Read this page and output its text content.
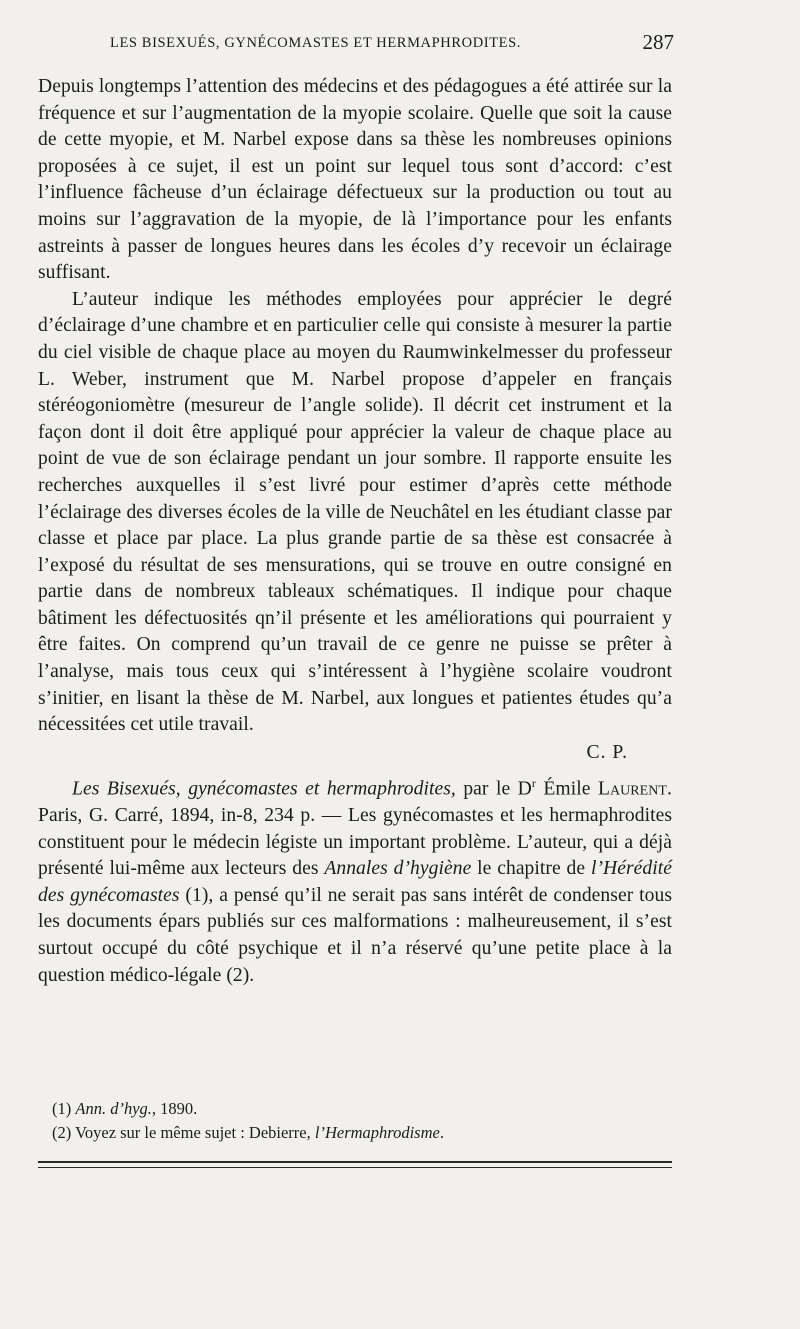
LES BISEXUÉS, GYNÉCOMASTES ET HERMAPHRODITES.	287

Depuis longtemps l’attention des médecins et des pédagogues a été attirée sur la fréquence et sur l’augmentation de la myopie scolaire. Quelle que soit la cause de cette myopie, et M. Narbel expose dans sa thèse les nombreuses opinions proposées à ce sujet, il est un point sur lequel tous sont d’accord: c’est l’influence fâcheuse d’un éclairage défectueux sur la production ou tout au moins sur l’aggravation de la myopie, de là l’importance pour les enfants astreints à passer de longues heures dans les écoles d’y recevoir un éclairage suffisant.

L’auteur indique les méthodes employées pour apprécier le degré d’éclairage d’une chambre et en particulier celle qui consiste à mesurer la partie du ciel visible de chaque place au moyen du Raumwinkelmesser du professeur L. Weber, instrument que M. Narbel propose d’appeler en français stéréogoniomètre (mesureur de l’angle solide). Il décrit cet instrument et la façon dont il doit être appliqué pour apprécier la valeur de chaque place au point de vue de son éclairage pendant un jour sombre. Il rapporte ensuite les recherches auxquelles il s’est livré pour estimer d’après cette méthode l’éclairage des diverses écoles de la ville de Neuchâtel en les étudiant classe par classe et place par place. La plus grande partie de sa thèse est consacrée à l’exposé du résultat de ses mensurations, qui se trouve en outre consigné en partie dans de nombreux tableaux schématiques. Il indique pour chaque bâtiment les défectuosités qn’il présente et les améliorations qui pourraient y être faites. On comprend qu’un travail de ce genre ne puisse se prêter à l’analyse, mais tous ceux qui s’intéressent à l’hygiène scolaire voudront s’initier, en lisant la thèse de M. Narbel, aux longues et patientes études qu’a nécessitées cet utile travail.

C. P.

Les Bisexués, gynécomastes et hermaphrodites, par le $D^r$ Émile Laurent. Paris, G. Carré, 1894, in-8, 234 p. — Les gynécomastes et les hermaphrodites constituent pour le médecin légiste un important problème. L’auteur, qui a déjà présenté lui-même aux lecteurs des Annales d’hygiène le chapitre de l’Hérédité des gynécomastes (1), a pensé qu’il ne serait pas sans intérêt de condenser tous les documents épars publiés sur ces malformations : malheureusement, il s’est surtout occupé du côté psychique et il n’a réservé qu’une petite place à la question médico-légale (2).

(1) Ann. d’hyg., 1890.

(2) Voyez sur le même sujet : Debierre, l’Hermaphrodisme.
